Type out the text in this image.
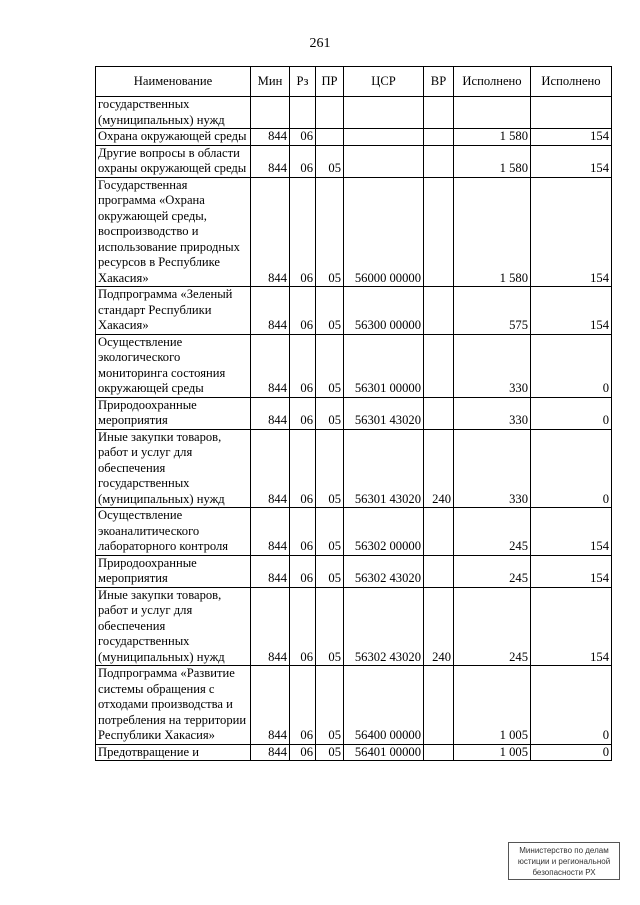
261
Наименование	Мин	Рз	ПР	ЦСР	ВР	Исполнено	Исполнено
государственных (муниципальных) нужд							
Охрана окружающей среды	844	06				1 580	154
Другие вопросы в области охраны окружающей среды	844	06	05			1 580	154
Государственная программа «Охрана окружающей среды, воспроизводство и использование природных ресурсов в Республике Хакасия»	844	06	05	56000 00000		1 580	154
Подпрограмма «Зеленый стандарт Республики Хакасия»	844	06	05	56300 00000		575	154
Осуществление экологического мониторинга состояния окружающей среды	844	06	05	56301 00000		330	0
Природоохранные мероприятия	844	06	05	56301 43020		330	0
Иные закупки товаров, работ и услуг для обеспечения государственных (муниципальных) нужд	844	06	05	56301 43020	240	330	0
Осуществление экоаналитического лабораторного контроля	844	06	05	56302 00000		245	154
Природоохранные мероприятия	844	06	05	56302 43020		245	154
Иные закупки товаров, работ и услуг для обеспечения государственных (муниципальных) нужд	844	06	05	56302 43020	240	245	154
Подпрограмма «Развитие системы обращения с отходами производства и потребления на территории Республики Хакасия»	844	06	05	56400 00000		1 005	0
Предотвращение и	844	06	05	56401 00000		1 005	0
Министерство по делам
юстиции и региональной
безопасности РХ
